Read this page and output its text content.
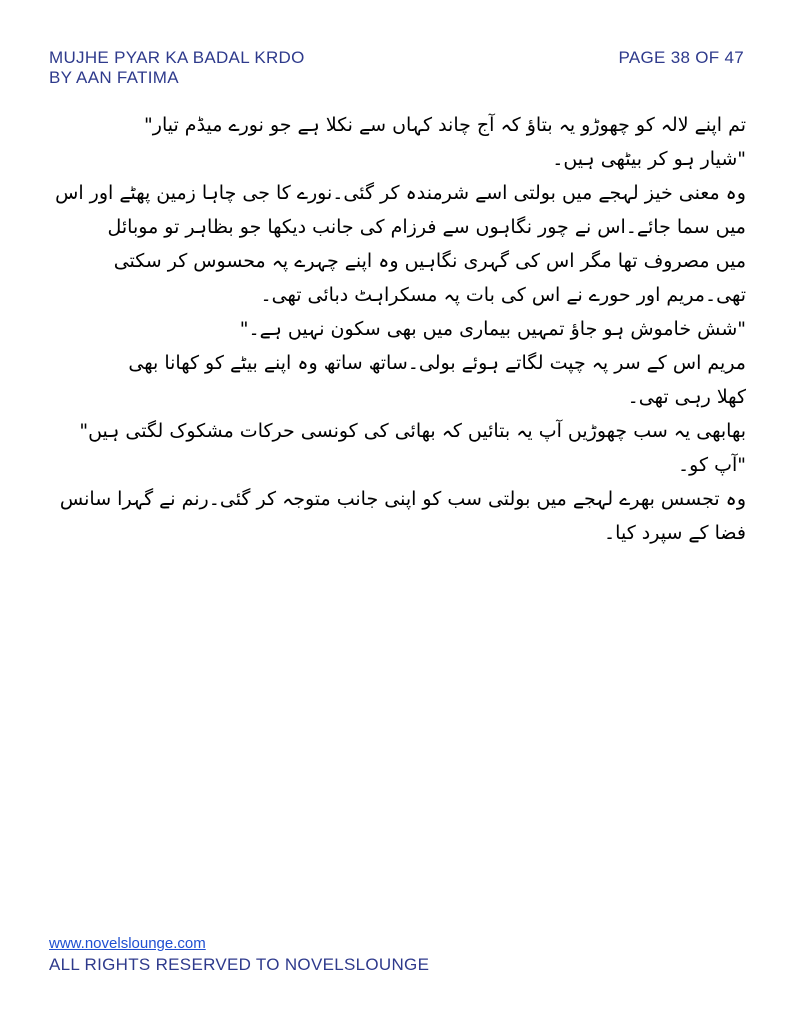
MUJHE PYAR KA BADAL KRDO
BY AAN FATIMA
PAGE 38 OF 47
تم اپنے لالہ کو چھوڑو یہ بتاؤ کہ آج چاند کہاں سے نکلا ہے جو نورے میڈم تیار"
"شیار ہو کر بیٹھی ہیں۔
وہ معنی خیز لہجے میں بولتی اسے شرمندہ کر گئی۔نورے کا جی چاہا زمین پھٹے اور اس
میں سما جائے۔اس نے چور نگاہوں سے فرزام کی جانب دیکھا جو بظاہر تو موبائل
میں مصروف تھا مگر اس کی گہری نگاہیں وہ اپنے چہرے پہ محسوس کر سکتی
تھی۔مریم اور حورے نے اس کی بات پہ مسکراہٹ دبائی تھی۔
"شش خاموش ہو جاؤ تمہیں بیماری میں بھی سکون نہیں ہے۔"
مریم اس کے سر پہ چپت لگاتے ہوئے بولی۔ساتھ ساتھ وہ اپنے بیٹے کو کھانا بھی
کھلا رہی تھی۔
بھابھی یہ سب چھوڑیں آپ یہ بتائیں کہ بھائی کی کونسی حرکات مشکوک لگتی ہیں"
"آپ کو۔
وہ تجسس بھرے لہجے میں بولتی سب کو اپنی جانب متوجہ کر گئی۔رنم نے گہرا سانس
فضا کے سپرد کیا۔
www.novelslounge.com
ALL RIGHTS RESERVED TO NOVELSLOUNGE
